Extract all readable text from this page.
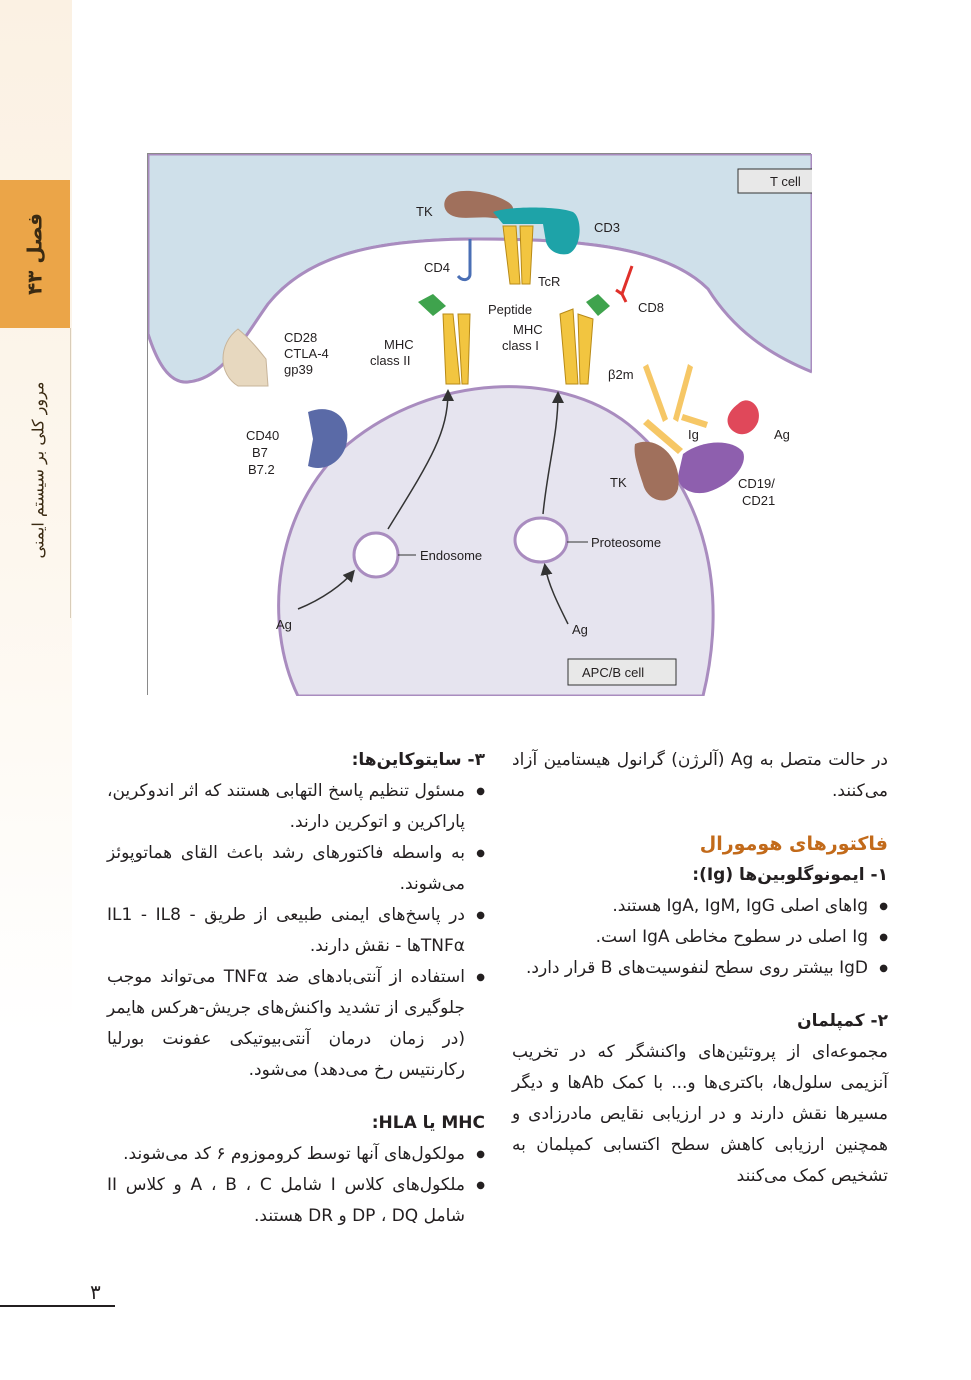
فصل ۴۳
مرور کلی بر سیستم ایمنی
T cell
APC/B cell
TK
CD3
CD4
TcR
Peptide	CD8
MHC
class II
MHC
class I
β2m
CD28
CTLA-4
gp39
CD40
B7
B7.2
Ig	Ag
TK	CD19/
CD21
Endosome
Proteosome
Ag	Ag
در حالت متصل به Ag (آلرژن) گرانول هیستامین آزاد می‌کنند.
فاکتورهای هومورال
۱- ایمونوگلوبین‌ها (Ig):
● Igهای اصلی IgA, IgM, IgG هستند.
● Ig اصلی در سطوح مخاطی IgA است.
● IgD بیشتر روی سطح لنفوسیت‌های B قرار دارد.
۲- کمپلمان
مجموعه‌ای از پروتئین‌های واکنشگر که در تخریب آنزیمی سلول‌ها، باکتری‌ها و... با کمک Abها و دیگر مسیرها نقش دارند و در ارزیابی نقایص مادرزادی و همچنین ارزیابی کاهش سطح اکتسابی کمپلمان به تشخیص کمک می‌کنند
۳- سایتوکاین‌ها:
● مسئول تنظیم پاسخ التهابی هستند که اثر اندوکرین، پاراکرین و اتوکرین دارند.
● به واسطه فاکتورهای رشد باعث القای هماتوپوئز می‌شوند.
● در پاسخ‌های ایمنی طبیعی از طریق IL1 - IL8 - TNFαها - نقش دارند.
● استفاده از آنتی‌بادهای ضد TNFα می‌تواند موجب جلوگیری از تشدید واکنش‌های جریش-هرکس هایمر (در زمان درمان آنتی‌بیوتیکی عفونت بورلیا رکارنتیس رخ می‌دهد) می‌شود.
MHC یا HLA:
● مولکول‌های آنها توسط کروموزوم ۶ کد می‌شوند.
● ملکول‌های کلاس I شامل A ، B ، C و کلاس II شامل DP ، DQ و DR هستند.
۳
